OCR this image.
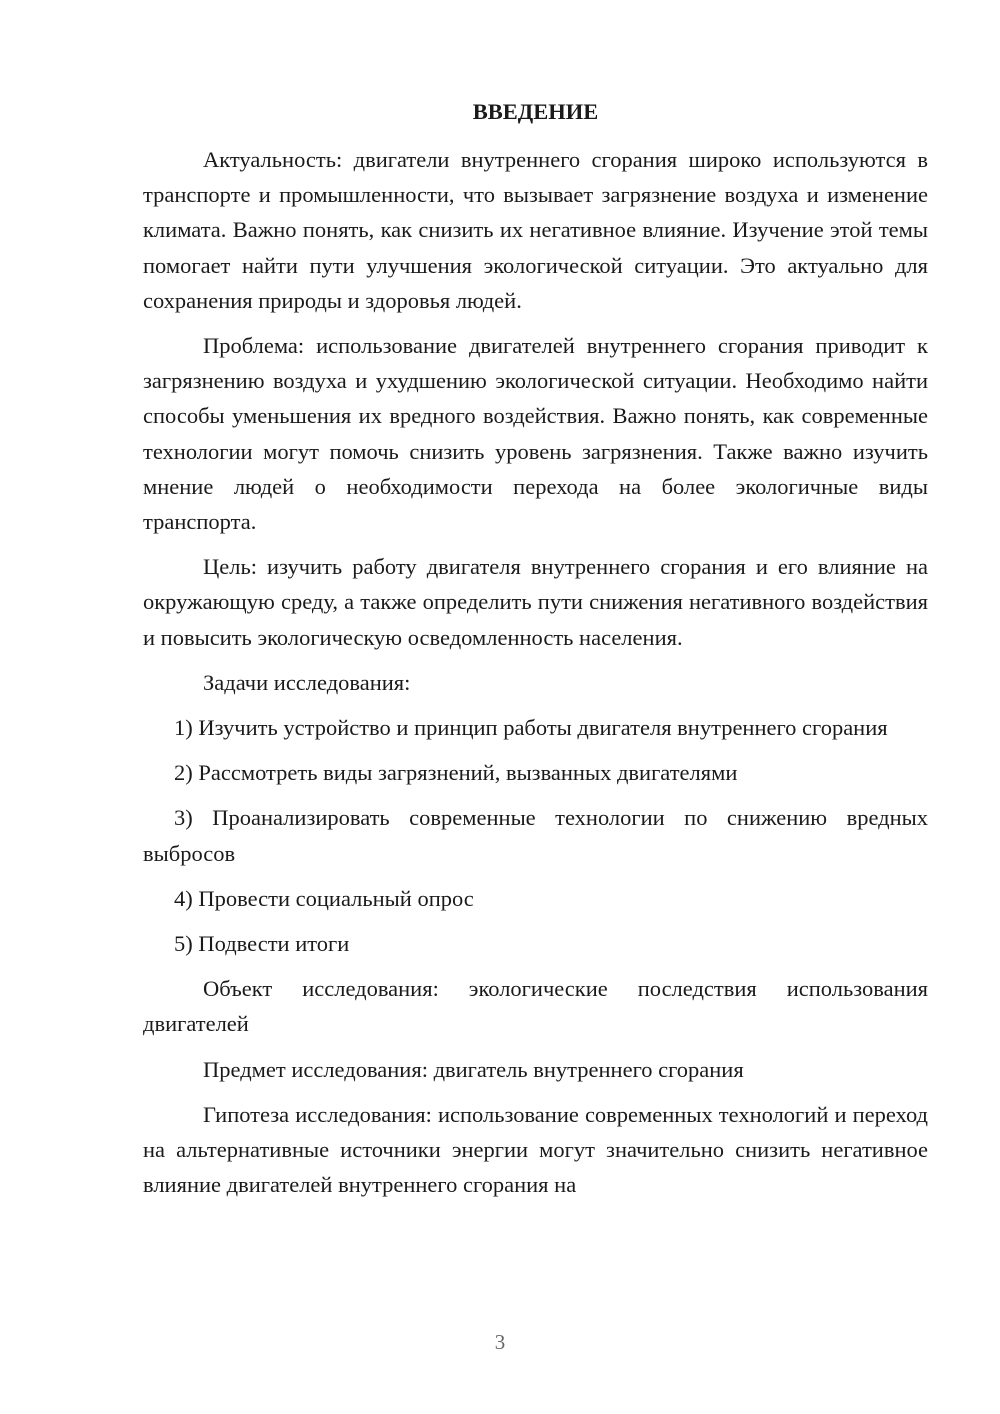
ВВЕДЕНИЕ

Актуальность: двигатели внутреннего сгорания широко используются в транспорте и промышленности, что вызывает загрязнение воздуха и изменение климата. Важно понять, как снизить их негативное влияние. Изучение этой темы помогает найти пути улучшения экологической ситуации. Это актуально для сохранения природы и здоровья людей.

Проблема: использование двигателей внутреннего сгорания приводит к загрязнению воздуха и ухудшению экологической ситуации. Необходимо найти способы уменьшения их вредного воздействия. Важно понять, как современные технологии могут помочь снизить уровень загрязнения. Также важно изучить мнение людей о необходимости перехода на более экологичные виды транспорта.

Цель: изучить работу двигателя внутреннего сгорания и его влияние на окружающую среду, а также определить пути снижения негативного воздействия и повысить экологическую осведомленность населения.

Задачи исследования:

1) Изучить устройство и принцип работы двигателя внутреннего сгорания

2) Рассмотреть виды загрязнений, вызванных двигателями

3) Проанализировать современные технологии по снижению вредных выбросов

4) Провести социальный опрос

5) Подвести итоги

Объект исследования: экологические последствия использования двигателей

Предмет исследования: двигатель внутреннего сгорания

Гипотеза исследования: использование современных технологий и переход на альтернативные источники энергии могут значительно снизить негативное влияние двигателей внутреннего сгорания на

3
